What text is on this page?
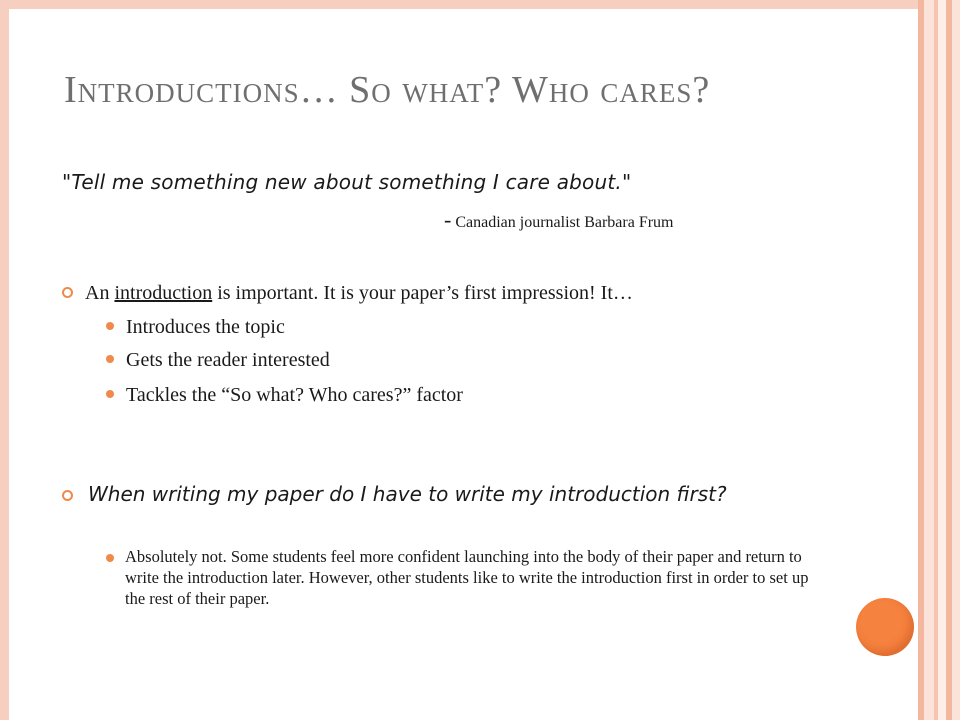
Introductions… So what? Who cares?
"Tell me something new about something I care about."
- Canadian journalist Barbara Frum
An introduction is important. It is your paper’s first impression! It…
Introduces the topic
Gets the reader interested
Tackles the “So what? Who cares?” factor
When writing my paper do I have to write my introduction first?
Absolutely not. Some students feel more confident launching into the body of their paper and return to write the introduction later. However, other students like to write the introduction first in order to set up the rest of their paper.
